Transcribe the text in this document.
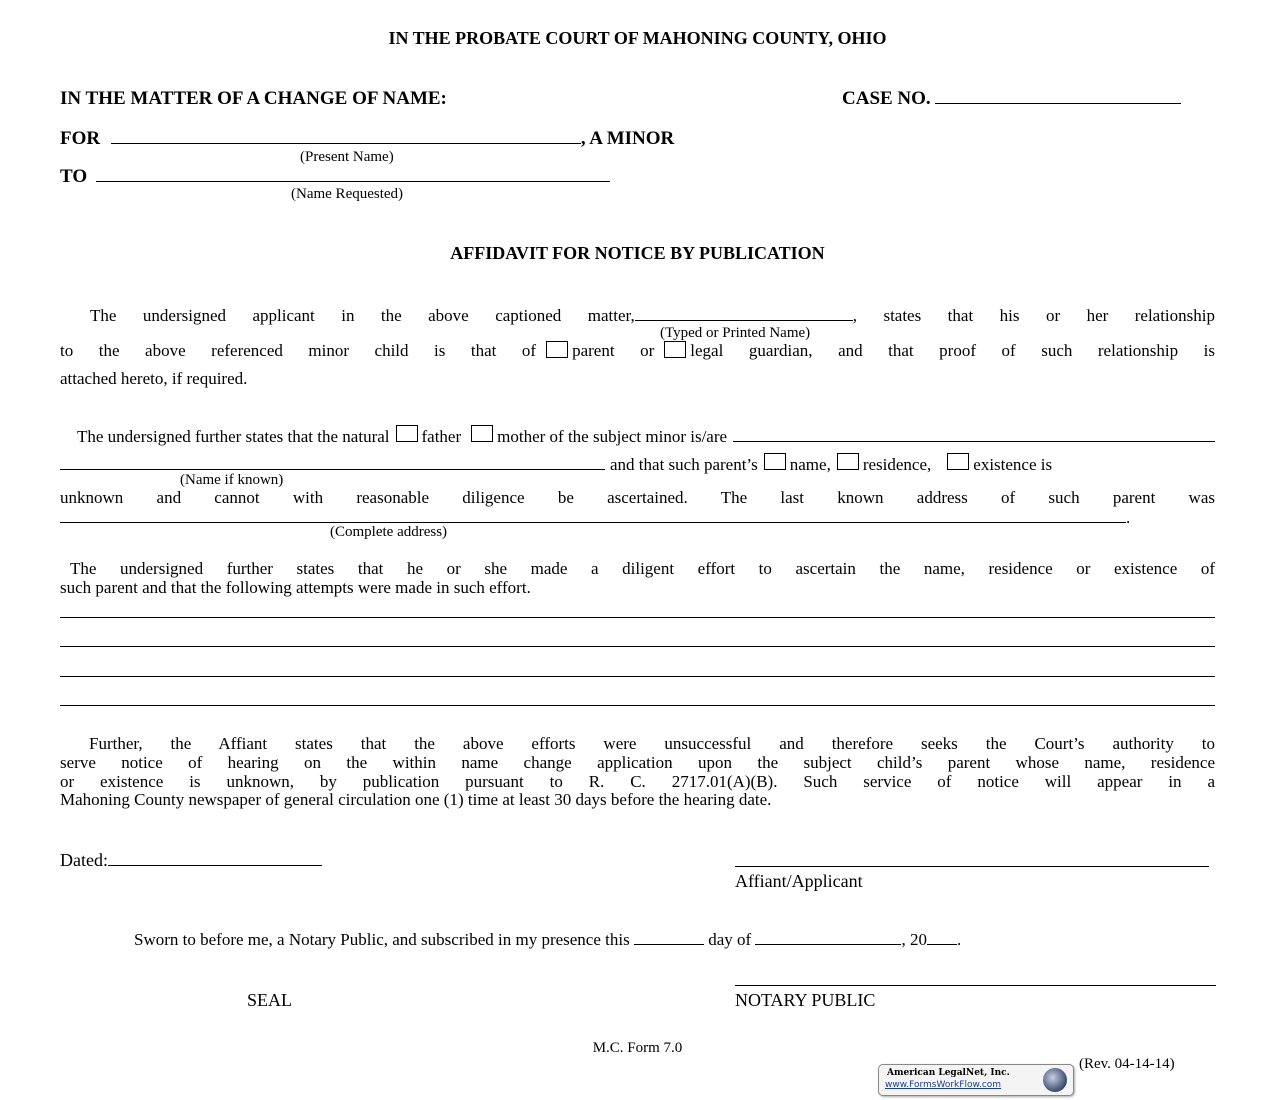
IN THE PROBATE COURT OF MAHONING COUNTY, OHIO
IN THE MATTER OF A CHANGE OF NAME:	CASE NO.
FOR	, A MINOR
(Present Name)
TO
(Name Requested)
AFFIDAVIT FOR NOTICE BY PUBLICATION
The undersigned applicant in the above captioned matter,	, states that his or her relationship
(Typed or Printed Name)
to the above referenced minor child is that of parent or legal guardian, and that proof of such relationship is
attached hereto, if required.
The undersigned further states that the natural father mother of the subject minor is/are
and that such parent’s name, residence, existence is
(Name if known)
unknown and cannot with reasonable diligence be ascertained. The last known address of such parent was
.
(Complete address)
The undersigned further states that he or she made a diligent effort to ascertain the name, residence or existence of
such parent and that the following attempts were made in such effort.
Further, the Affiant states that the above efforts were unsuccessful and therefore seeks the Court’s authority to
serve notice of hearing on the within name change application upon the subject child’s parent whose name, residence
or existence is unknown, by publication pursuant to R. C. 2717.01(A)(B). Such service of notice will appear in a
Mahoning County newspaper of general circulation one (1) time at least 30 days before the hearing date.
Dated:
Affiant/Applicant
Sworn to before me, a Notary Public, and subscribed in my presence this	day of	, 20 .
SEAL	NOTARY PUBLIC
M.C. Form 7.0
(Rev. 04-14-14)
American LegalNet, Inc.
www.FormsWorkFlow.com
